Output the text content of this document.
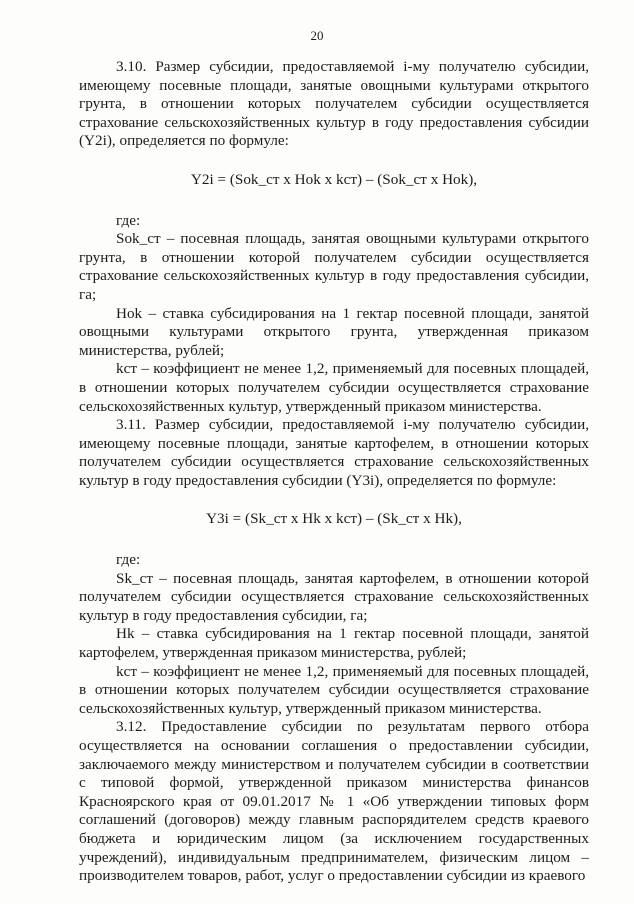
20

3.10. Размер субсидии, предоставляемой i-му получателю субсидии, имеющему посевные площади, занятые овощными культурами открытого грунта, в отношении которых получателем субсидии осуществляется страхование сельскохозяйственных культур в году предоставления субсидии (Y2i), определяется по формуле:

Y2i = (Sok_ст x Hok x kст) – (Sok_ст x Hok),

где:

Sok_ст – посевная площадь, занятая овощными культурами открытого грунта, в отношении которой получателем субсидии осуществляется страхование сельскохозяйственных культур в году предоставления субсидии, га;

Hok – ставка субсидирования на 1 гектар посевной площади, занятой овощными культурами открытого грунта, утвержденная приказом министерства, рублей;

kст – коэффициент не менее 1,2, применяемый для посевных площадей, в отношении которых получателем субсидии осуществляется страхование сельскохозяйственных культур, утвержденный приказом министерства.

3.11. Размер субсидии, предоставляемой i-му получателю субсидии, имеющему посевные площади, занятые картофелем, в отношении которых получателем субсидии осуществляется страхование сельскохозяйственных культур в году предоставления субсидии (Y3i), определяется по формуле:

Y3i = (Sk_ст x Hk x kст) – (Sk_ст x Hk),

где:

Sk_ст – посевная площадь, занятая картофелем, в отношении которой получателем субсидии осуществляется страхование сельскохозяйственных культур в году предоставления субсидии, га;

Hk – ставка субсидирования на 1 гектар посевной площади, занятой картофелем, утвержденная приказом министерства, рублей;

kст – коэффициент не менее 1,2, применяемый для посевных площадей, в отношении которых получателем субсидии осуществляется страхование сельскохозяйственных культур, утвержденный приказом министерства.

3.12. Предоставление субсидии по результатам первого отбора осуществляется на основании соглашения о предоставлении субсидии, заключаемого между министерством и получателем субсидии в соответствии с типовой формой, утвержденной приказом министерства финансов Красноярского края от 09.01.2017 № 1 «Об утверждении типовых форм соглашений (договоров) между главным распорядителем средств краевого бюджета и юридическим лицом (за исключением государственных учреждений), индивидуальным предпринимателем, физическим лицом – производителем товаров, работ, услуг о предоставлении субсидии из краевого
